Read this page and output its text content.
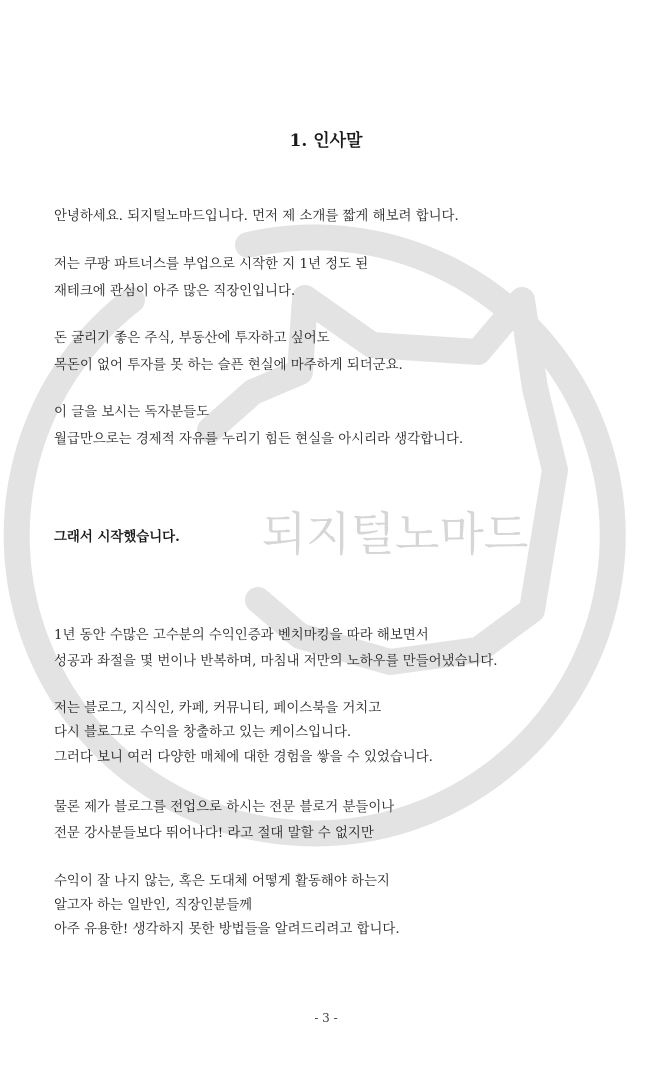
되지털노마드
1. 인사말
안녕하세요. 되지털노마드입니다. 먼저 제 소개를 짧게 해보려 합니다.
저는 쿠팡 파트너스를 부업으로 시작한 지 1년 정도 된
재테크에 관심이 아주 많은 직장인입니다.
돈 굴리기 좋은 주식, 부동산에 투자하고 싶어도
목돈이 없어 투자를 못 하는 슬픈 현실에 마주하게 되더군요.
이 글을 보시는 독자분들도
월급만으로는 경제적 자유를 누리기 힘든 현실을 아시리라 생각합니다.
그래서 시작했습니다.
1년 동안 수많은 고수분의 수익인증과 벤치마킹을 따라 해보면서
성공과 좌절을 몇 번이나 반복하며, 마침내 저만의 노하우를 만들어냈습니다.
저는 블로그, 지식인, 카페, 커뮤니티, 페이스북을 거치고
다시 블로그로 수익을 창출하고 있는 케이스입니다.
그러다 보니 여러 다양한 매체에 대한 경험을 쌓을 수 있었습니다.
물론 제가 블로그를 전업으로 하시는 전문 블로거 분들이나
전문 강사분들보다 뛰어나다! 라고 절대 말할 수 없지만
수익이 잘 나지 않는, 혹은 도대체 어떻게 활동해야 하는지
알고자 하는 일반인, 직장인분들께
아주 유용한! 생각하지 못한 방법들을 알려드리려고 합니다.
- 3 -
